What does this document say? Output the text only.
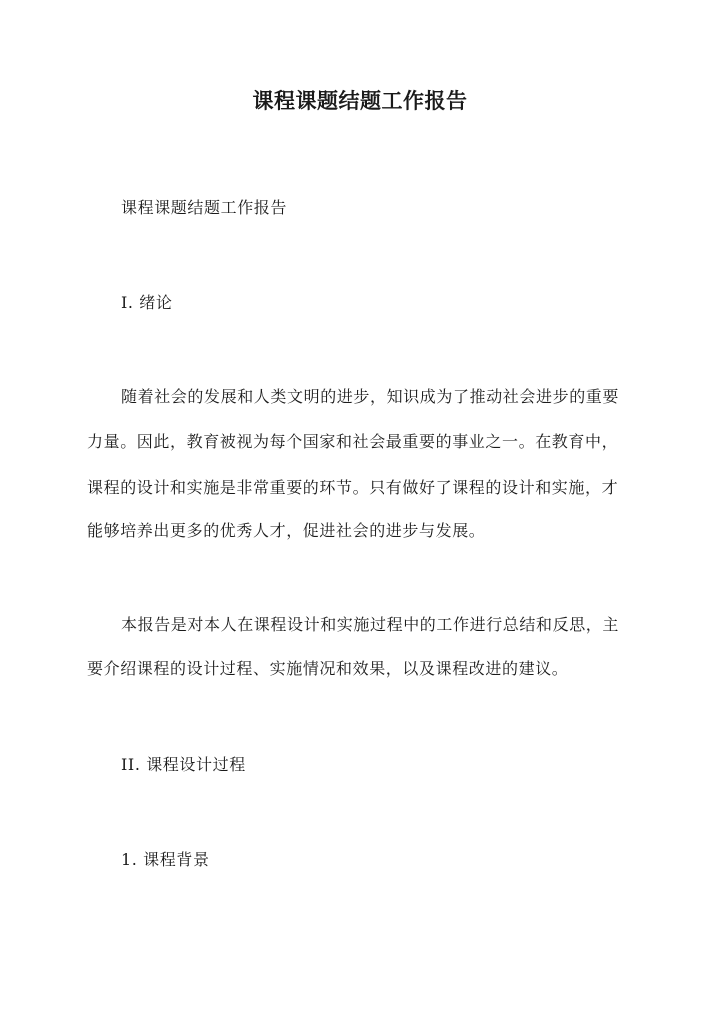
课程课题结题工作报告
课程课题结题工作报告
I. 绪论
随着社会的发展和人类文明的进步，知识成为了推动社会进步的重要
力量。因此，教育被视为每个国家和社会最重要的事业之一。在教育中，
课程的设计和实施是非常重要的环节。只有做好了课程的设计和实施，才
能够培养出更多的优秀人才，促进社会的进步与发展。
本报告是对本人在课程设计和实施过程中的工作进行总结和反思，主
要介绍课程的设计过程、实施情况和效果，以及课程改进的建议。
II. 课程设计过程
1. 课程背景
